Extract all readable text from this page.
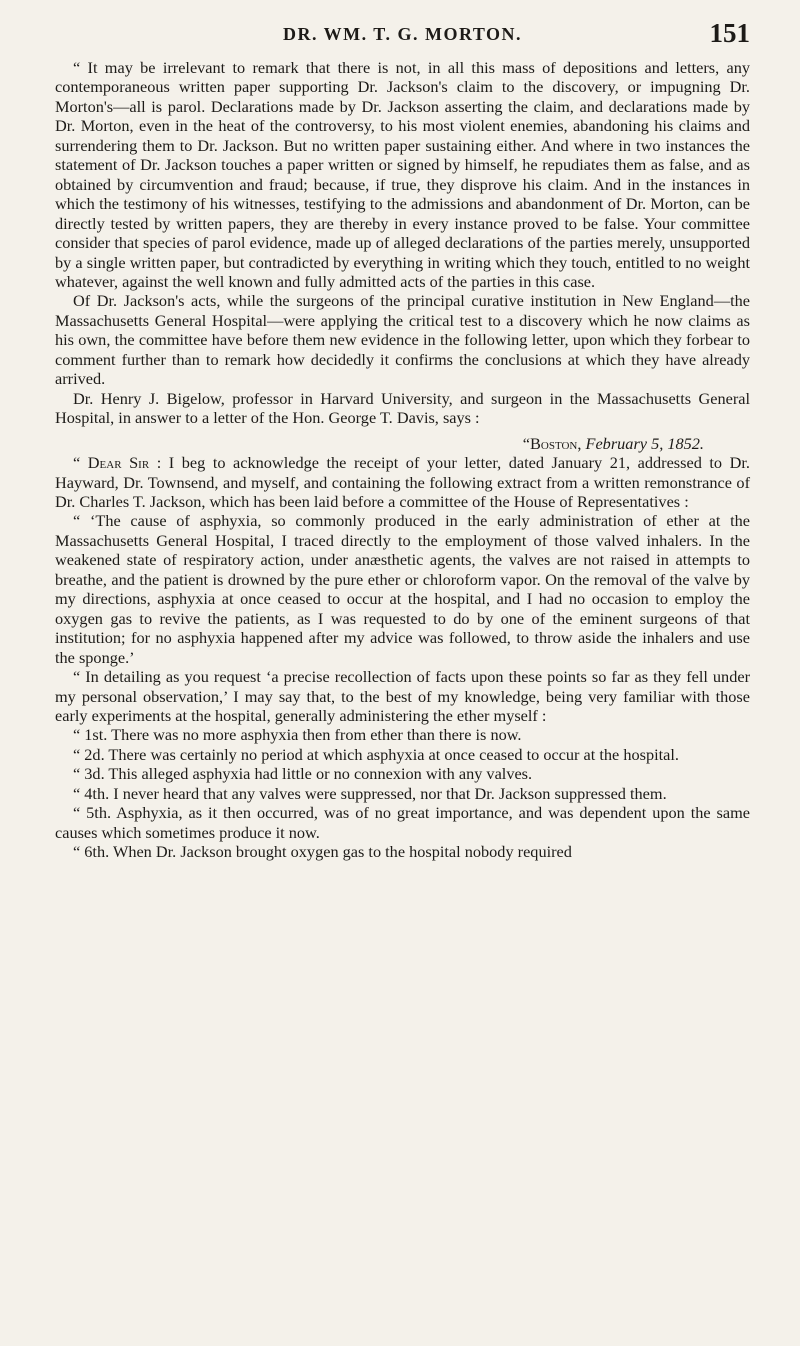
DR. WM. T. G. MORTON.	151

“ It may be irrelevant to remark that there is not, in all this mass of depositions and letters, any contemporaneous written paper supporting Dr. Jackson's claim to the discovery, or impugning Dr. Morton's—all is parol. Declarations made by Dr. Jackson asserting the claim, and declarations made by Dr. Morton, even in the heat of the controversy, to his most violent enemies, abandoning his claims and surrendering them to Dr. Jackson. But no written paper sustaining either. And where in two instances the statement of Dr. Jackson touches a paper written or signed by himself, he repudiates them as false, and as obtained by circumvention and fraud; because, if true, they disprove his claim. And in the instances in which the testimony of his witnesses, testifying to the admissions and abandonment of Dr. Morton, can be directly tested by written papers, they are thereby in every instance proved to be false. Your committee consider that species of parol evidence, made up of alleged declarations of the parties merely, unsupported by a single written paper, but contradicted by everything in writing which they touch, entitled to no weight whatever, against the well known and fully admitted acts of the parties in this case.

Of Dr. Jackson's acts, while the surgeons of the principal curative institution in New England—the Massachusetts General Hospital—were applying the critical test to a discovery which he now claims as his own, the committee have before them new evidence in the following letter, upon which they forbear to comment further than to remark how decidedly it confirms the conclusions at which they have already arrived.

Dr. Henry J. Bigelow, professor in Harvard University, and surgeon in the Massachusetts General Hospital, in answer to a letter of the Hon. George T. Davis, says :

“Boston, February 5, 1852.

“ Dear Sir : I beg to acknowledge the receipt of your letter, dated January 21, addressed to Dr. Hayward, Dr. Townsend, and myself, and containing the following extract from a written remonstrance of Dr. Charles T. Jackson, which has been laid before a committee of the House of Representatives :

“ ‘The cause of asphyxia, so commonly produced in the early administration of ether at the Massachusetts General Hospital, I traced directly to the employment of those valved inhalers. In the weakened state of respiratory action, under anæsthetic agents, the valves are not raised in attempts to breathe, and the patient is drowned by the pure ether or chloroform vapor. On the removal of the valve by my directions, asphyxia at once ceased to occur at the hospital, and I had no occasion to employ the oxygen gas to revive the patients, as I was requested to do by one of the eminent surgeons of that institution; for no asphyxia happened after my advice was followed, to throw aside the inhalers and use the sponge.’

“ In detailing as you request ‘a precise recollection of facts upon these points so far as they fell under my personal observation,’ I may say that, to the best of my knowledge, being very familiar with those early experiments at the hospital, generally administering the ether myself :

“ 1st. There was no more asphyxia then from ether than there is now.

“ 2d. There was certainly no period at which asphyxia at once ceased to occur at the hospital.

“ 3d. This alleged asphyxia had little or no connexion with any valves.

“ 4th. I never heard that any valves were suppressed, nor that Dr. Jackson suppressed them.

“ 5th. Asphyxia, as it then occurred, was of no great importance, and was dependent upon the same causes which sometimes produce it now.

“ 6th. When Dr. Jackson brought oxygen gas to the hospital nobody required
